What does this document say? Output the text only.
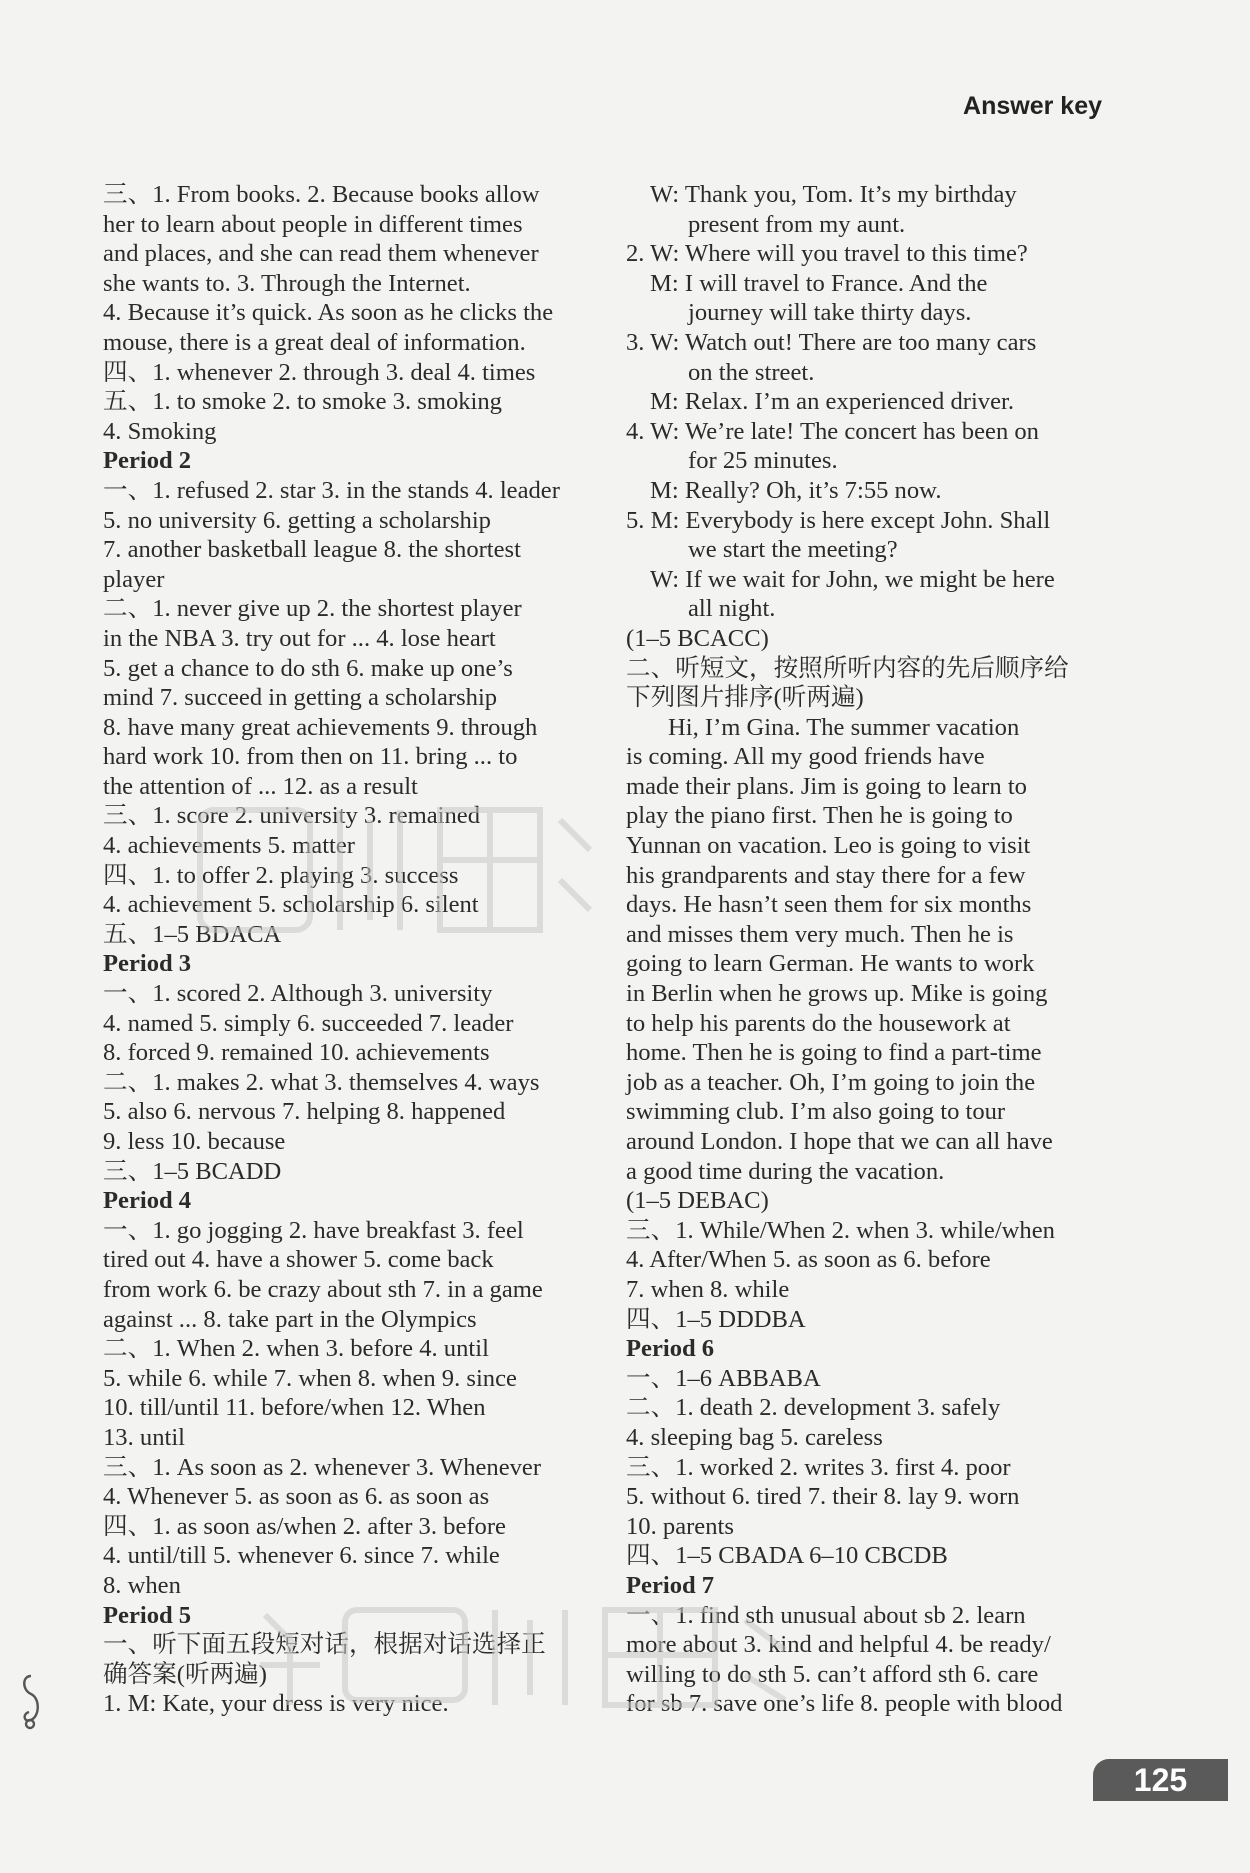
Answer key
三、1. From books. 2. Because books allow
her to learn about people in different times
and places, and she can read them whenever
she wants to. 3. Through the Internet.
4. Because it’s quick. As soon as he clicks the
mouse, there is a great deal of information.
四、1. whenever 2. through 3. deal 4. times
五、1. to smoke 2. to smoke 3. smoking
4. Smoking
Period 2
一、1. refused 2. star 3. in the stands 4. leader
5. no university 6. getting a scholarship
7. another basketball league 8. the shortest
player
二、1. never give up 2. the shortest player
in the NBA 3. try out for ... 4. lose heart
5. get a chance to do sth 6. make up one’s
mind 7. succeed in getting a scholarship
8. have many great achievements 9. through
hard work 10. from then on 11. bring ... to
the attention of ... 12. as a result
三、1. score 2. university 3. remained
4. achievements 5. matter
四、1. to offer 2. playing 3. success
4. achievement 5. scholarship 6. silent
五、1–5 BDACA
Period 3
一、1. scored 2. Although 3. university
4. named 5. simply 6. succeeded 7. leader
8. forced 9. remained 10. achievements
二、1. makes 2. what 3. themselves 4. ways
5. also 6. nervous 7. helping 8. happened
9. less 10. because
三、1–5 BCADD
Period 4
一、1. go jogging 2. have breakfast 3. feel
tired out 4. have a shower 5. come back
from work 6. be crazy about sth 7. in a game
against ... 8. take part in the Olympics
二、1. When 2. when 3. before 4. until
5. while 6. while 7. when 8. when 9. since
10. till/until 11. before/when 12. When
13. until
三、1. As soon as 2. whenever 3. Whenever
4. Whenever 5. as soon as 6. as soon as
四、1. as soon as/when 2. after 3. before
4. until/till 5. whenever 6. since 7. while
8. when
Period 5
一、听下面五段短对话，根据对话选择正
确答案(听两遍)
1. M: Kate, your dress is very nice.
W: Thank you, Tom. It’s my birthday
present from my aunt.
2. W: Where will you travel to this time?
M: I will travel to France. And the
journey will take thirty days.
3. W: Watch out! There are too many cars
on the street.
M: Relax. I’m an experienced driver.
4. W: We’re late! The concert has been on
for 25 minutes.
M: Really? Oh, it’s 7:55 now.
5. M: Everybody is here except John. Shall
we start the meeting?
W: If we wait for John, we might be here
all night.
(1–5 BCACC)
二、听短文，按照所听内容的先后顺序给
下列图片排序(听两遍)
Hi, I’m Gina. The summer vacation
is coming. All my good friends have
made their plans. Jim is going to learn to
play the piano first. Then he is going to
Yunnan on vacation. Leo is going to visit
his grandparents and stay there for a few
days. He hasn’t seen them for six months
and misses them very much. Then he is
going to learn German. He wants to work
in Berlin when he grows up. Mike is going
to help his parents do the housework at
home. Then he is going to find a part-time
job as a teacher. Oh, I’m going to join the
swimming club. I’m also going to tour
around London. I hope that we can all have
a good time during the vacation.
(1–5 DEBAC)
三、1. While/When 2. when 3. while/when
4. After/When 5. as soon as 6. before
7. when 8. while
四、1–5 DDDBA
Period 6
一、1–6 ABBABA
二、1. death 2. development 3. safely
4. sleeping bag 5. careless
三、1. worked 2. writes 3. first 4. poor
5. without 6. tired 7. their 8. lay 9. worn
10. parents
四、1–5 CBADA 6–10 CBCDB
Period 7
一、1. find sth unusual about sb 2. learn
more about 3. kind and helpful 4. be ready/
willing to do sth 5. can’t afford sth 6. care
for sb 7. save one’s life 8. people with blood
125
